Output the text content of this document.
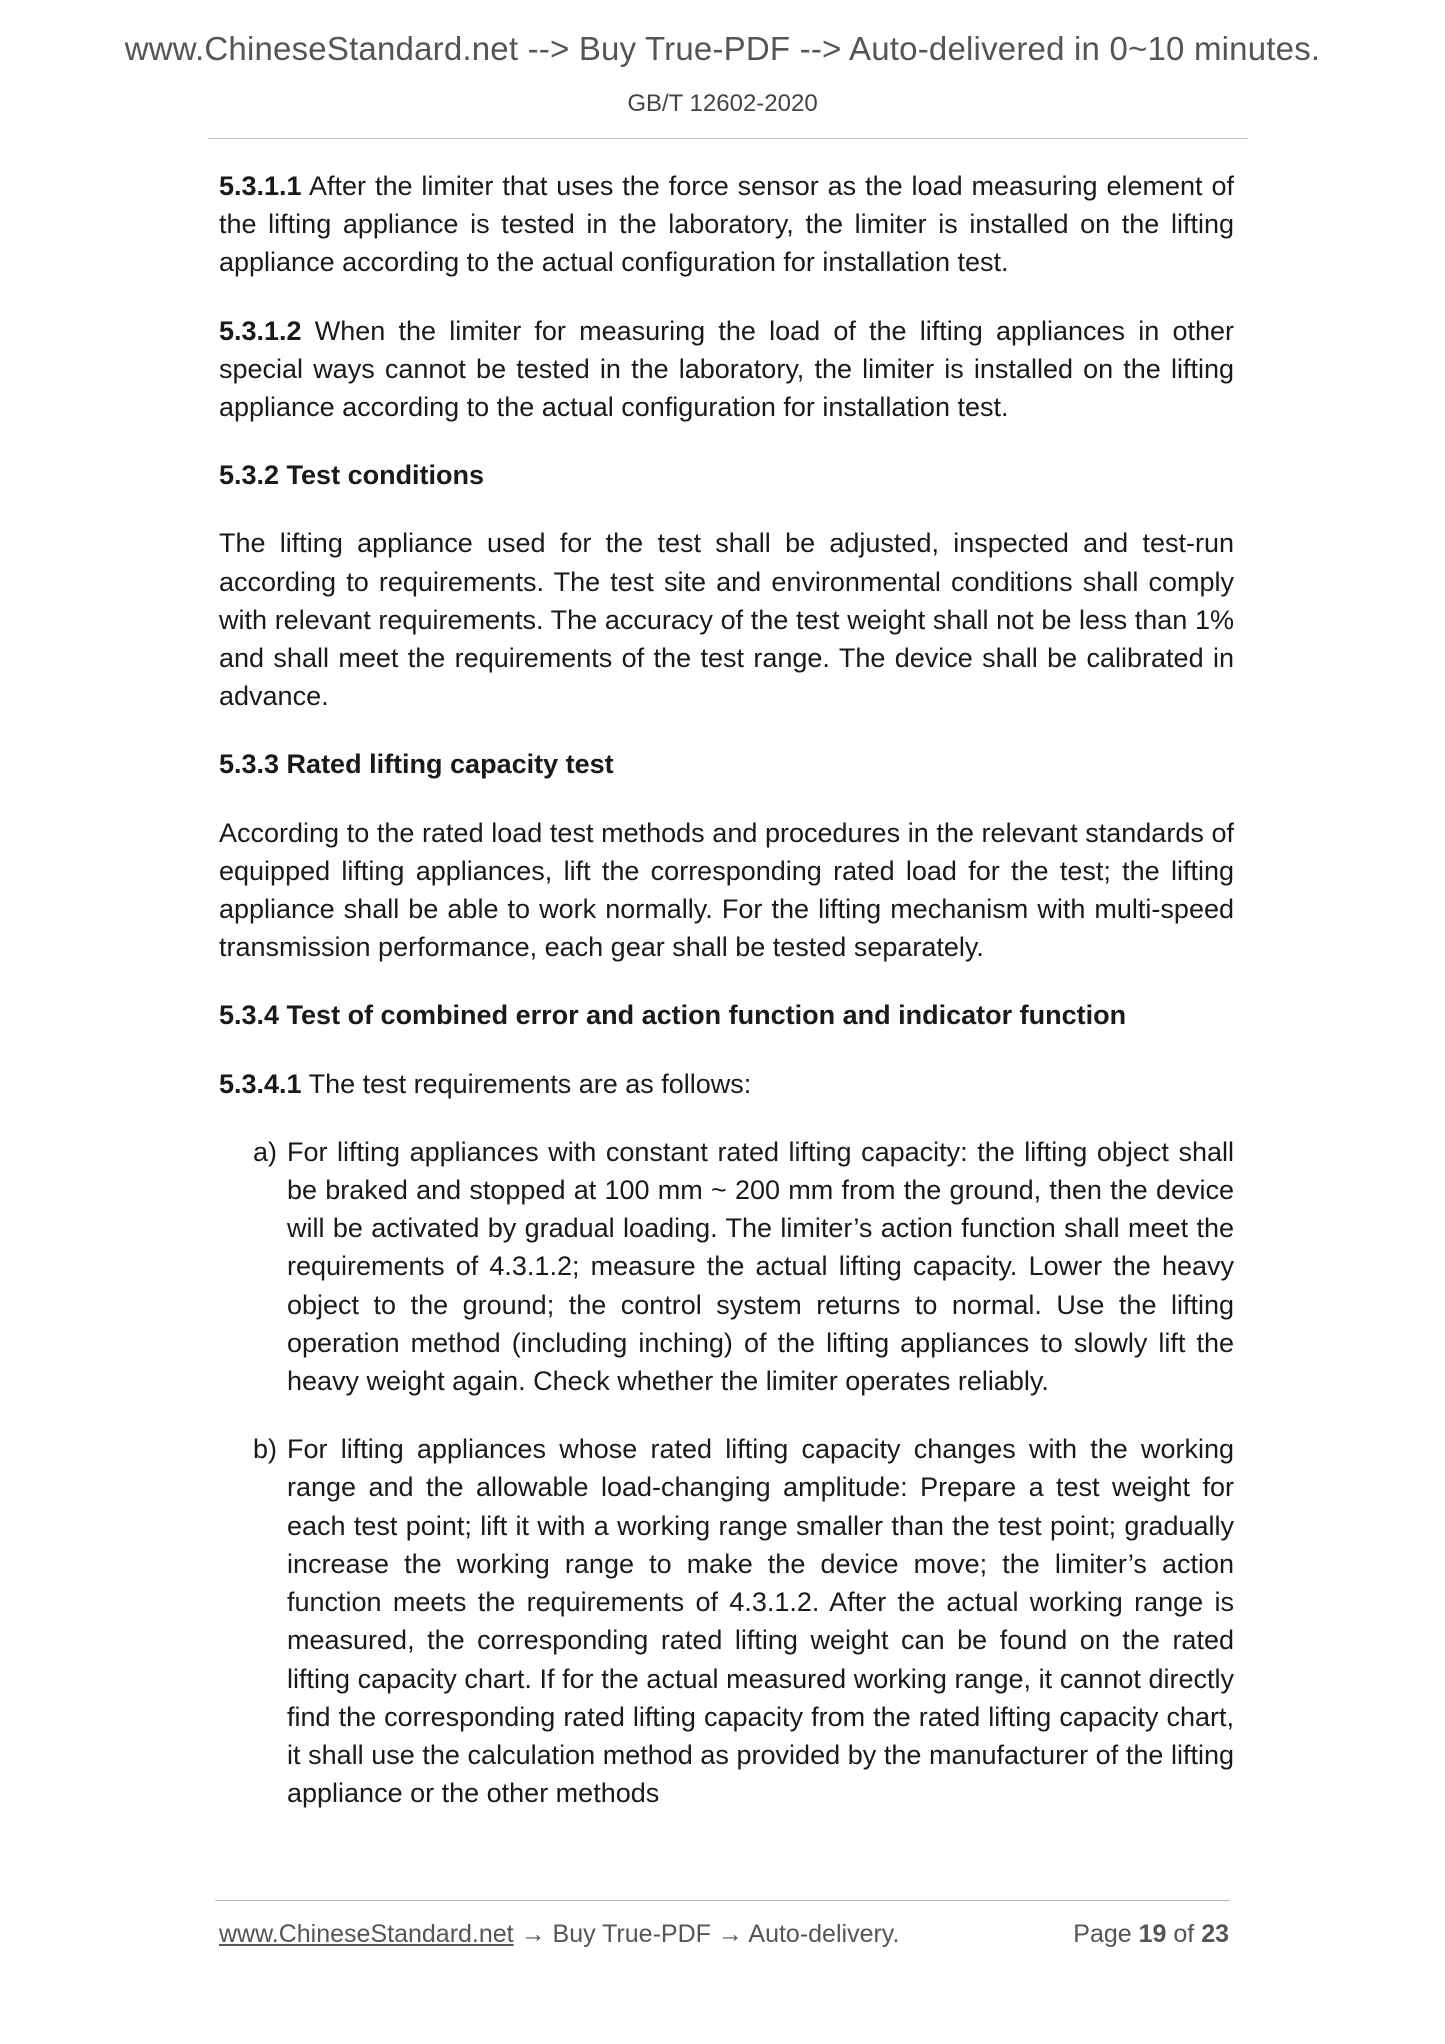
www.ChineseStandard.net --> Buy True-PDF --> Auto-delivered in 0~10 minutes.
GB/T 12602-2020

5.3.1.1 After the limiter that uses the force sensor as the load measuring element of the lifting appliance is tested in the laboratory, the limiter is installed on the lifting appliance according to the actual configuration for installation test.

5.3.1.2 When the limiter for measuring the load of the lifting appliances in other special ways cannot be tested in the laboratory, the limiter is installed on the lifting appliance according to the actual configuration for installation test.

5.3.2 Test conditions

The lifting appliance used for the test shall be adjusted, inspected and test-run according to requirements. The test site and environmental conditions shall comply with relevant requirements. The accuracy of the test weight shall not be less than 1% and shall meet the requirements of the test range. The device shall be calibrated in advance.

5.3.3 Rated lifting capacity test

According to the rated load test methods and procedures in the relevant standards of equipped lifting appliances, lift the corresponding rated load for the test; the lifting appliance shall be able to work normally. For the lifting mechanism with multi-speed transmission performance, each gear shall be tested separately.

5.3.4 Test of combined error and action function and indicator function

5.3.4.1 The test requirements are as follows:

a) For lifting appliances with constant rated lifting capacity: the lifting object shall be braked and stopped at 100 mm ~ 200 mm from the ground, then the device will be activated by gradual loading. The limiter’s action function shall meet the requirements of 4.3.1.2; measure the actual lifting capacity. Lower the heavy object to the ground; the control system returns to normal. Use the lifting operation method (including inching) of the lifting appliances to slowly lift the heavy weight again. Check whether the limiter operates reliably.
b) For lifting appliances whose rated lifting capacity changes with the working range and the allowable load-changing amplitude: Prepare a test weight for each test point; lift it with a working range smaller than the test point; gradually increase the working range to make the device move; the limiter’s action function meets the requirements of 4.3.1.2. After the actual working range is measured, the corresponding rated lifting weight can be found on the rated lifting capacity chart. If for the actual measured working range, it cannot directly find the corresponding rated lifting capacity from the rated lifting capacity chart, it shall use the calculation method as provided by the manufacturer of the lifting appliance or the other methods
www.ChineseStandard.net → Buy True-PDF → Auto-delivery.	Page 19 of 23
